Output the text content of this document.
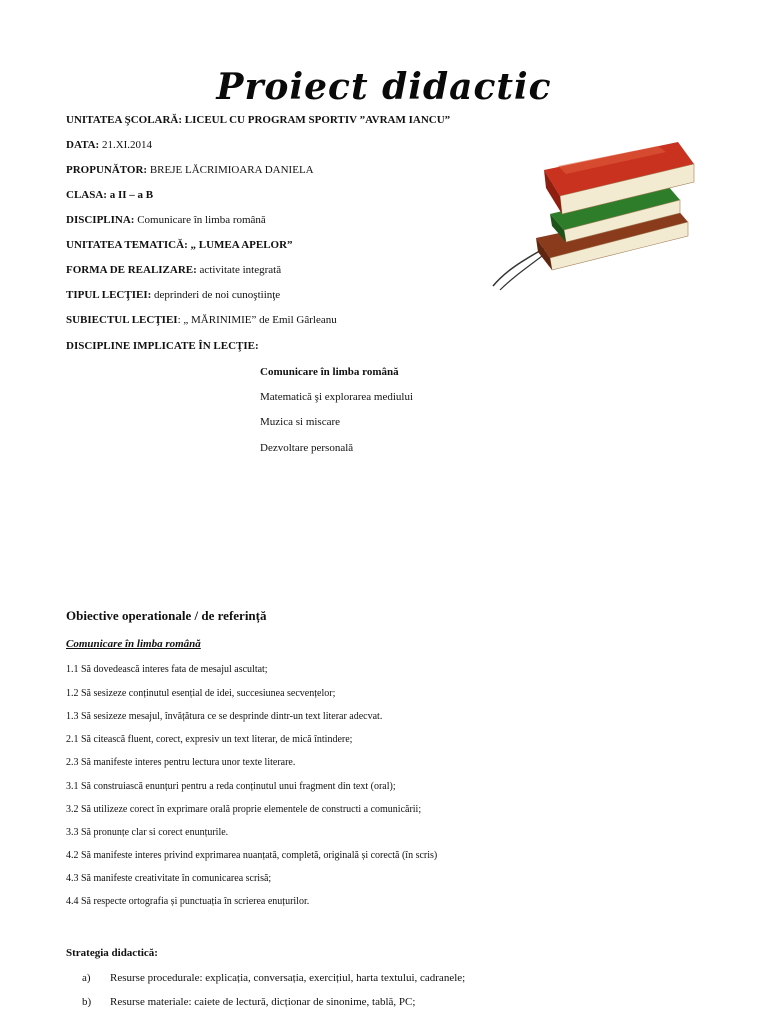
Proiect didactic
UNITATEA ŞCOLARĂ: LICEUL CU PROGRAM SPORTIV ”AVRAM IANCU”
DATA: 21.XI.2014
PROPUNĂTOR: BREJE LĂCRIMIOARA DANIELA
CLASA: a II – a B
DISCIPLINA: Comunicare în limba română
UNITATEA TEMATICĂ: „ LUMEA APELOR”
FORMA DE REALIZARE: activitate integrată
TIPUL LECŢIEI: deprinderi de noi cunoştiinţe
SUBIECTUL LECŢIEI: „ MĂRINIMIE” de Emil Gârleanu
DISCIPLINE IMPLICATE ÎN LECŢIE:
Comunicare în limba română
Matematică şi explorarea mediului
Muzica si miscare
Dezvoltare personală
Obiective operationale / de referință
Comunicare în limba română
1.1 Să dovedească interes fata de mesajul ascultat;
1.2 Să sesizeze conținutul esențial de idei, succesiunea secvențelor;
1.3 Să sesizeze mesajul, învățătura ce se desprinde dintr-un text literar adecvat.
2.1 Să citească fluent, corect, expresiv un text literar, de mică întindere;
2.3 Să manifeste interes pentru lectura unor texte literare.
3.1 Să construiască enunțuri pentru a reda conținutul unui fragment din text (oral);
3.2 Să utilizeze corect în exprimare orală proprie elementele de constructi a comunicării;
3.3 Să pronunțe clar si corect enunțurile.
4.2 Să manifeste interes privind exprimarea nuanțată, completă, originală și corectă (în scris)
4.3 Să manifeste creativitate în comunicarea scrisă;
4.4 Să respecte ortografia și punctuația în scrierea enuțurilor.
Strategia didactică:
a) Resurse procedurale: explicația, conversația, exercițiul, harta textului, cadranele;
b) Resurse materiale: caiete de lectură, dicționar de sinonime, tablă, PC;
